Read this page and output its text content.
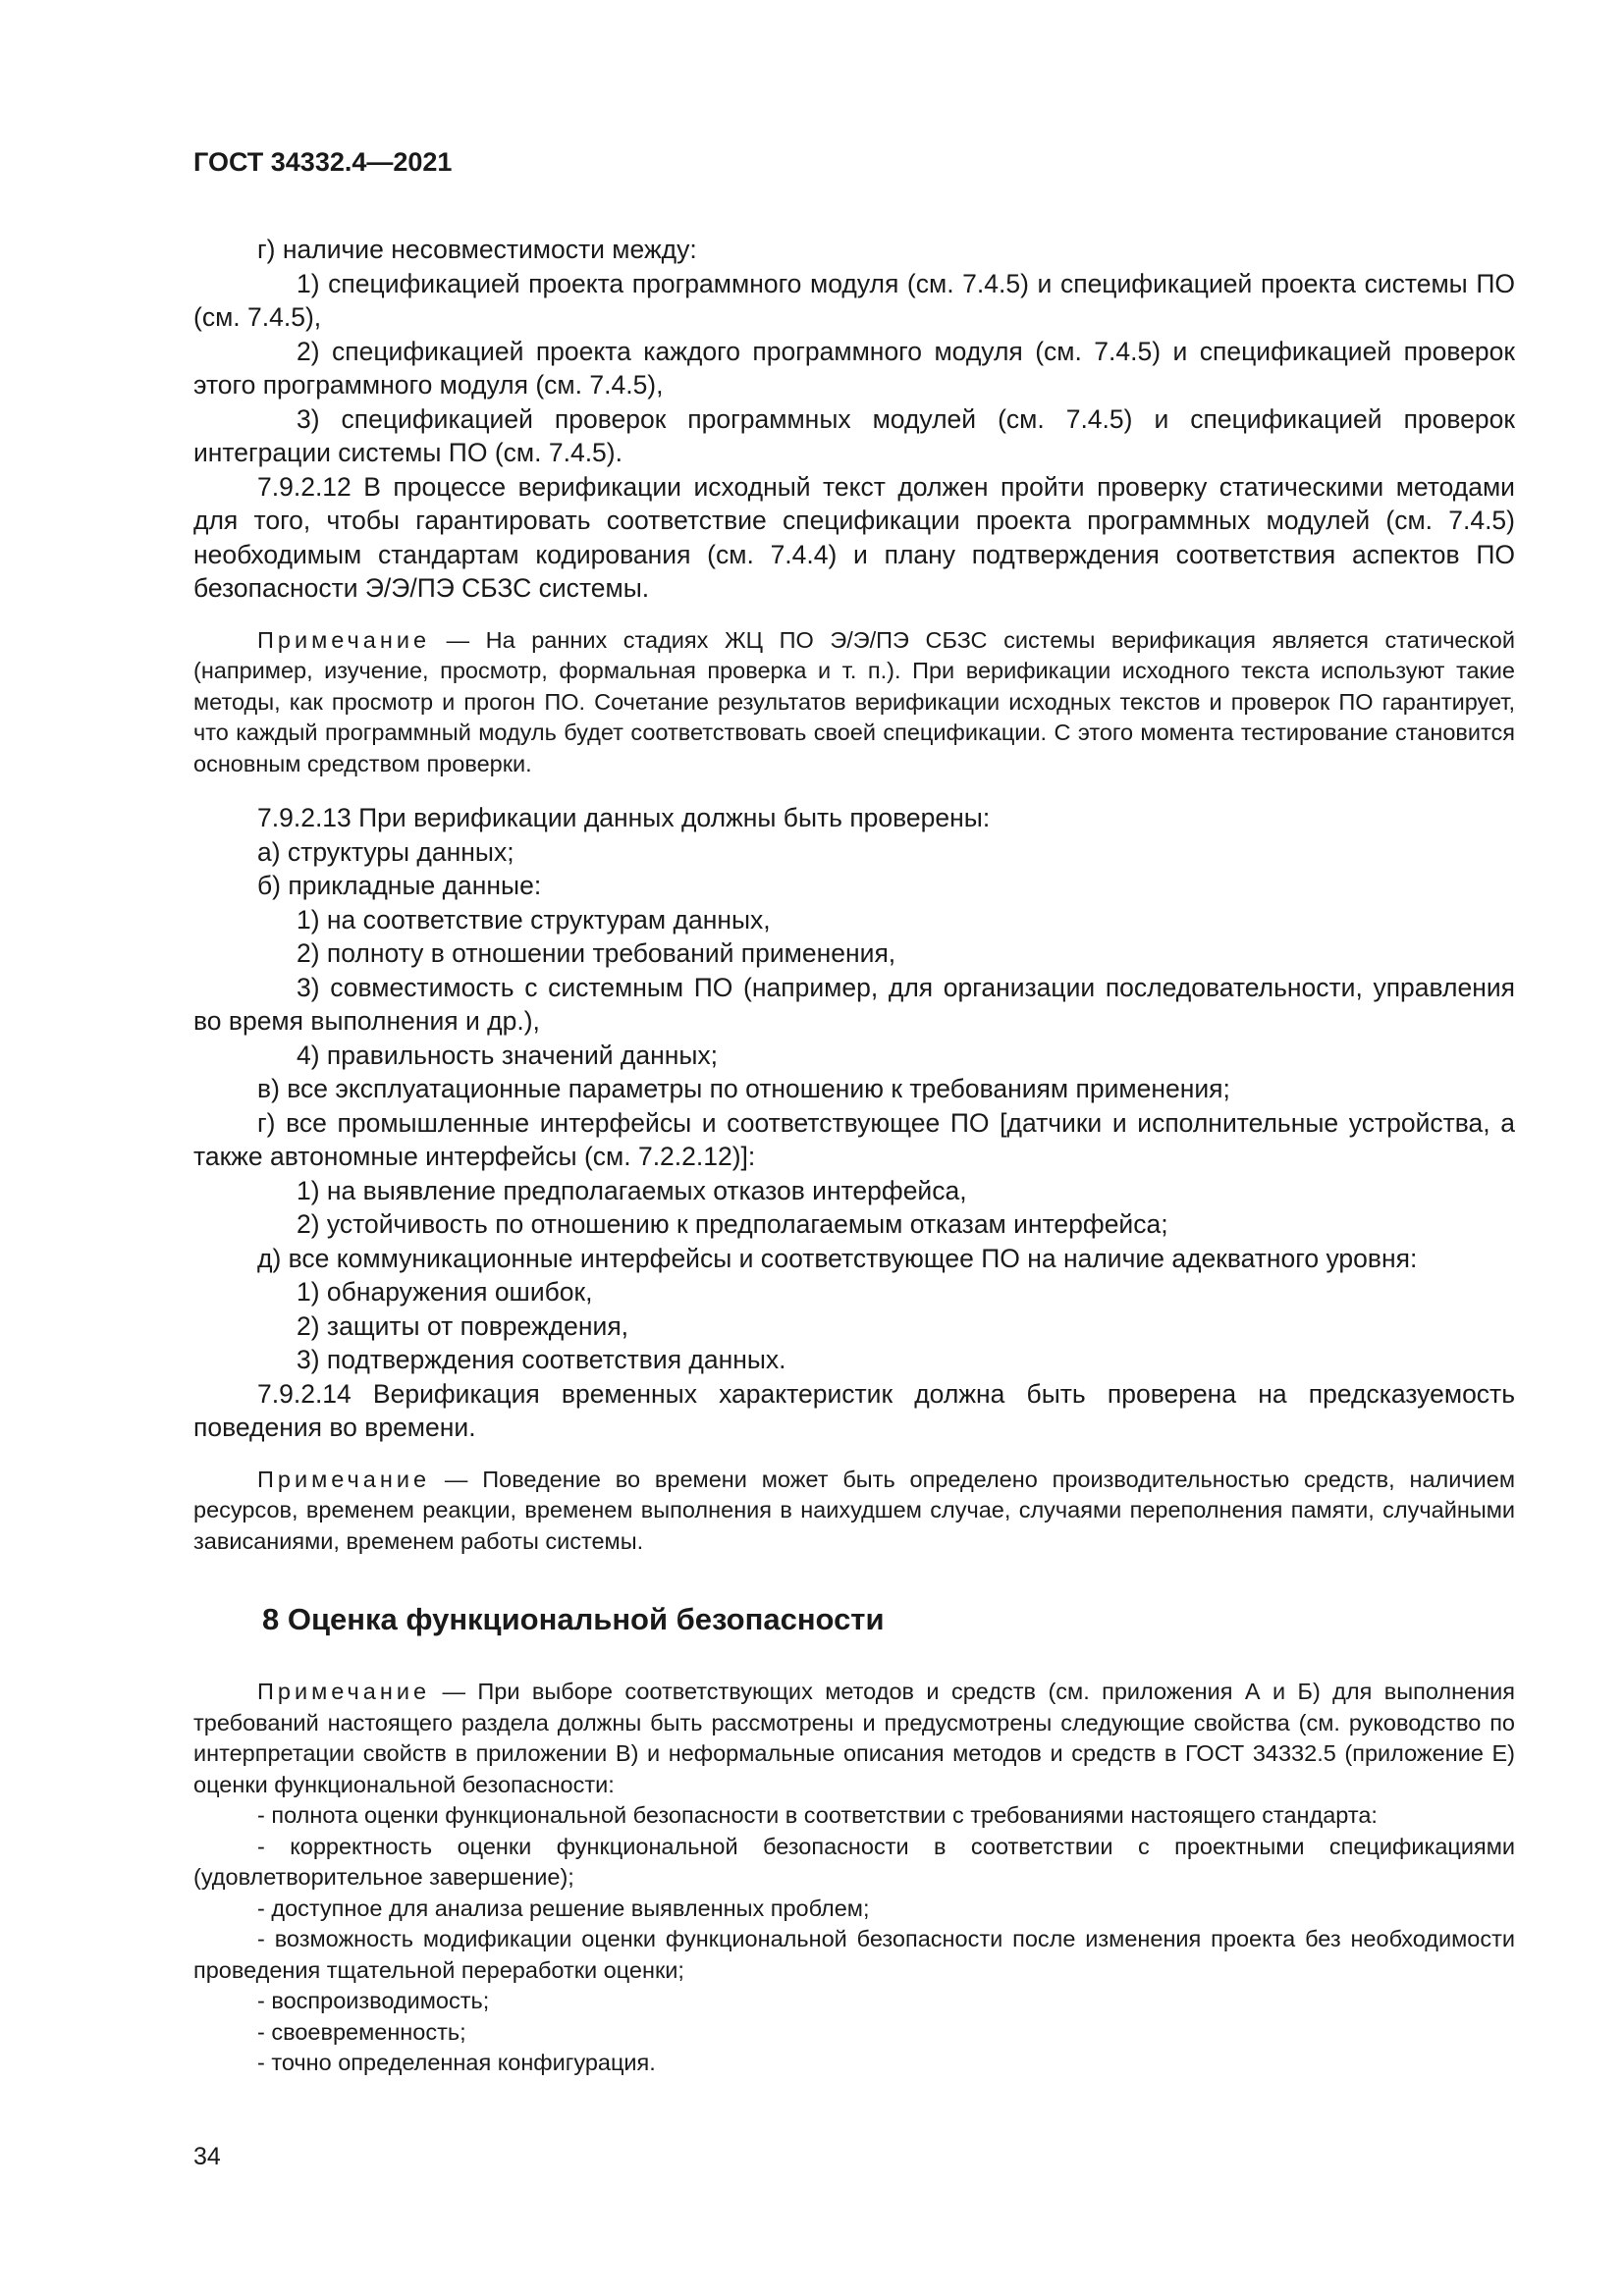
ГОСТ 34332.4—2021

г) наличие несовместимости между:

1) спецификацией проекта программного модуля (см. 7.4.5) и спецификацией проекта системы ПО (см. 7.4.5),

2) спецификацией проекта каждого программного модуля (см. 7.4.5) и спецификацией проверок этого программного модуля (см. 7.4.5),

3) спецификацией проверок программных модулей (см. 7.4.5) и спецификацией проверок интеграции системы ПО (см. 7.4.5).

7.9.2.12 В процессе верификации исходный текст должен пройти проверку статическими методами для того, чтобы гарантировать соответствие спецификации проекта программных модулей (см. 7.4.5) необходимым стандартам кодирования (см. 7.4.4) и плану подтверждения соответствия аспектов ПО безопасности Э/Э/ПЭ СБЗС системы.

Примечание — На ранних стадиях ЖЦ ПО Э/Э/ПЭ СБЗС системы верификация является статической (например, изучение, просмотр, формальная проверка и т. п.). При верификации исходного текста используют такие методы, как просмотр и прогон ПО. Сочетание результатов верификации исходных текстов и проверок ПО гарантирует, что каждый программный модуль будет соответствовать своей спецификации. С этого момента тестирование становится основным средством проверки.

7.9.2.13 При верификации данных должны быть проверены:

а) структуры данных;

б) прикладные данные:

1) на соответствие структурам данных,

2) полноту в отношении требований применения,

3) совместимость с системным ПО (например, для организации последовательности, управления во время выполнения и др.),

4) правильность значений данных;

в) все эксплуатационные параметры по отношению к требованиям применения;

г) все промышленные интерфейсы и соответствующее ПО [датчики и исполнительные устройства, а также автономные интерфейсы (см. 7.2.2.12)]:

1) на выявление предполагаемых отказов интерфейса,

2) устойчивость по отношению к предполагаемым отказам интерфейса;

д) все коммуникационные интерфейсы и соответствующее ПО на наличие адекватного уровня:

1) обнаружения ошибок,

2) защиты от повреждения,

3) подтверждения соответствия данных.

7.9.2.14 Верификация временных характеристик должна быть проверена на предсказуемость поведения во времени.

Примечание — Поведение во времени может быть определено производительностью средств, наличием ресурсов, временем реакции, временем выполнения в наихудшем случае, случаями переполнения памяти, случайными зависаниями, временем работы системы.

8 Оценка функциональной безопасности

Примечание — При выборе соответствующих методов и средств (см. приложения А и Б) для выполнения требований настоящего раздела должны быть рассмотрены и предусмотрены следующие свойства (см. руководство по интерпретации свойств в приложении В) и неформальные описания методов и средств в ГОСТ 34332.5 (приложение Е) оценки функциональной безопасности:

- полнота оценки функциональной безопасности в соответствии с требованиями настоящего стандарта:

- корректность оценки функциональной безопасности в соответствии с проектными спецификациями (удовлетворительное завершение);

- доступное для анализа решение выявленных проблем;

- возможность модификации оценки функциональной безопасности после изменения проекта без необходимости проведения тщательной переработки оценки;

- воспроизводимость;

- своевременность;

- точно определенная конфигурация.

34
